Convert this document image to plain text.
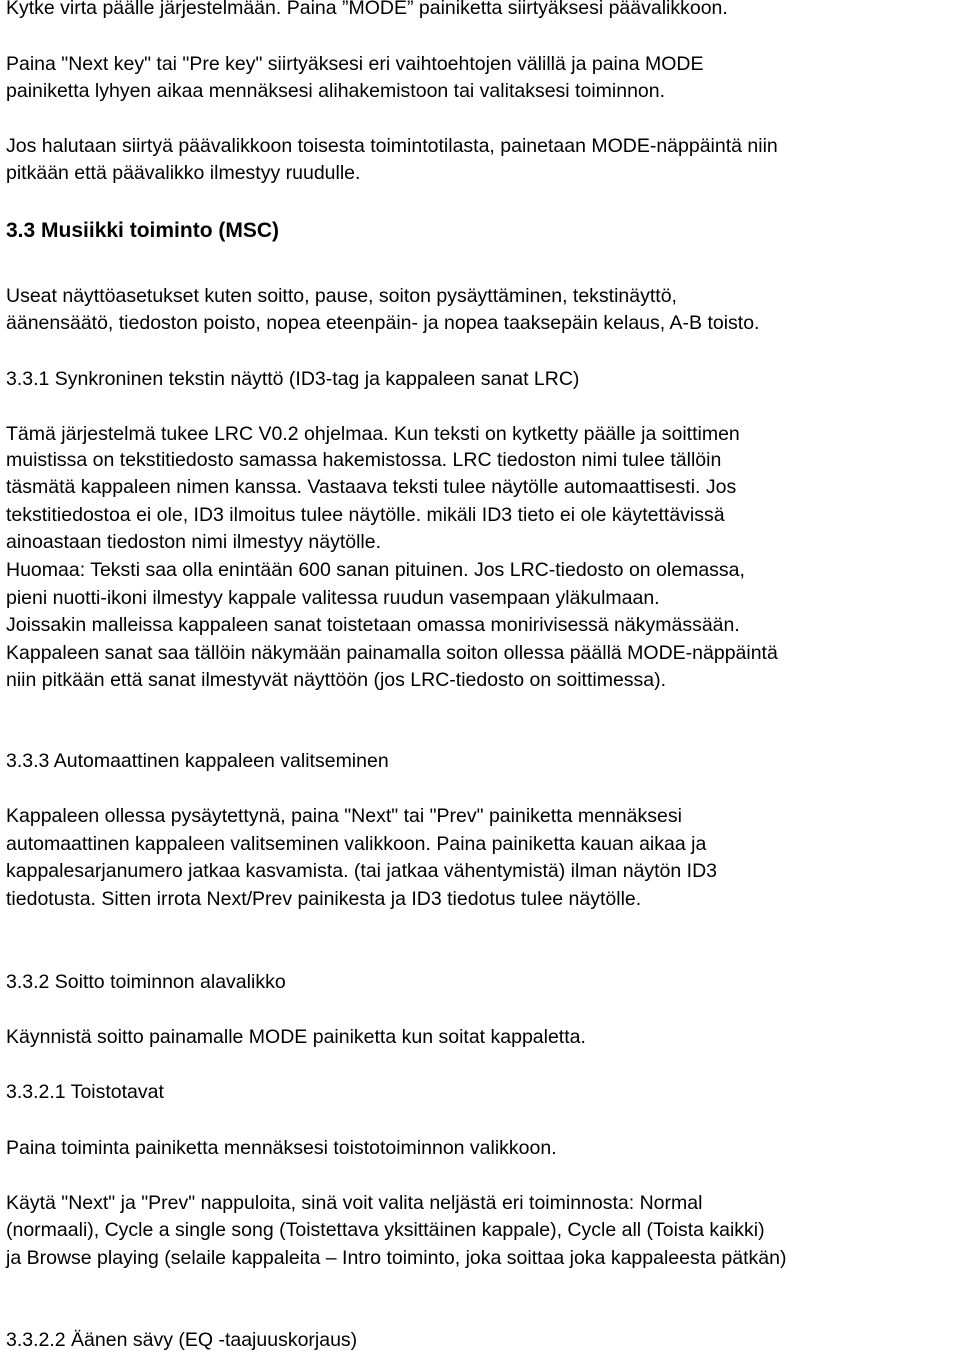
Kytke virta päälle järjestelmään. Paina ”MODE” painiketta siirtyäksesi päävalikkoon.
Paina "Next key" tai "Pre key" siirtyäksesi eri vaihtoehtojen välillä ja paina MODE
painiketta lyhyen aikaa mennäksesi alihakemistoon tai valitaksesi toiminnon.
Jos halutaan siirtyä päävalikkoon toisesta toimintotilasta, painetaan MODE-näppäintä niin
pitkään että päävalikko ilmestyy ruudulle.
3.3 Musiikki toiminto (MSC)
Useat näyttöasetukset kuten soitto, pause, soiton pysäyttäminen, tekstinäyttö,
äänensäätö, tiedoston poisto, nopea eteenpäin- ja nopea taaksepäin kelaus, A-B toisto.
3.3.1 Synkroninen tekstin näyttö (ID3-tag ja kappaleen sanat LRC)
Tämä järjestelmä tukee LRC V0.2 ohjelmaa. Kun teksti on kytketty päälle ja soittimen
muistissa on tekstitiedosto samassa hakemistossa. LRC tiedoston nimi tulee tällöin
täsmätä kappaleen nimen kanssa. Vastaava teksti tulee näytölle automaattisesti. Jos
tekstitiedostoa ei ole, ID3 ilmoitus tulee näytölle. mikäli ID3 tieto ei ole käytettävissä
ainoastaan tiedoston nimi ilmestyy näytölle.
Huomaa: Teksti saa olla enintään 600 sanan pituinen. Jos LRC-tiedosto on olemassa,
pieni nuotti-ikoni ilmestyy kappale valitessa ruudun vasempaan yläkulmaan.
Joissakin malleissa kappaleen sanat toistetaan omassa monirivisessä näkymässään.
Kappaleen sanat saa tällöin näkymään painamalla soiton ollessa päällä MODE-näppäintä
niin pitkään että sanat ilmestyvät näyttöön (jos LRC-tiedosto on soittimessa).
3.3.3 Automaattinen kappaleen valitseminen
Kappaleen ollessa pysäytettynä, paina "Next" tai "Prev" painiketta mennäksesi
automaattinen kappaleen valitseminen valikkoon. Paina painiketta kauan aikaa ja
kappalesarjanumero jatkaa kasvamista. (tai jatkaa vähentymistä) ilman näytön ID3
tiedotusta. Sitten irrota Next/Prev painikesta ja ID3 tiedotus tulee näytölle.
3.3.2 Soitto toiminnon alavalikko
Käynnistä soitto painamalle MODE painiketta kun soitat kappaletta.
3.3.2.1 Toistotavat
Paina toiminta painiketta mennäksesi toistotoiminnon valikkoon.
Käytä "Next" ja "Prev" nappuloita, sinä voit valita neljästä eri toiminnosta: Normal
(normaali), Cycle a single song (Toistettava yksittäinen kappale), Cycle all (Toista kaikki)
ja Browse playing (selaile kappaleita – Intro toiminto, joka soittaa joka kappaleesta pätkän)
3.3.2.2 Äänen sävy (EQ -taajuuskorjaus)
